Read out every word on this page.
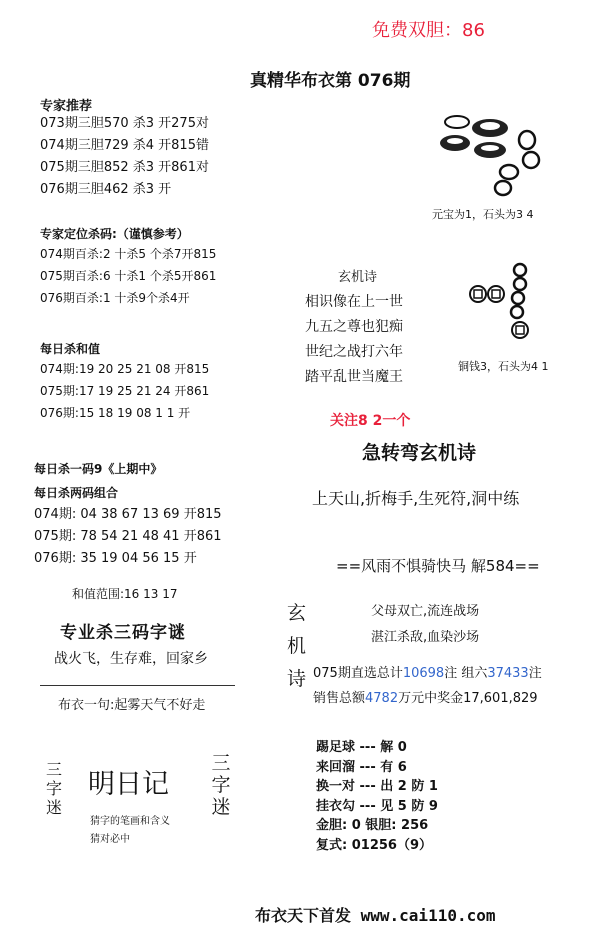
免费双胆：86
真精华布衣第 076期
专家推荐
073期三胆570 杀3 开275对
074期三胆729 杀4 开815错
075期三胆852 杀3 开861对
076期三胆462 杀3 开
专家定位杀码:（谨慎参考）
074期百杀:2 十杀5 个杀7开815
075期百杀:6 十杀1 个杀5开861
076期百杀:1 十杀9个杀4开
每日杀和值
074期:19 20 25 21 08 开815
075期:17 19 25 21 24 开861
076期:15 18 19 08 1 1 开
每日杀一码9《上期中》
每日杀两码组合
074期: 04 38 67 13 69 开815
075期: 78 54 21 48 41 开861
076期: 35 19 04 56 15 开
和值范围:16 13 17
专业杀三码字谜
战火飞，生存难，回家乡
布衣一句:起雾天气不好走
三字迷
明日记
三字迷
猜字的笔画和含义
猜对必中
元宝为1，石头为3 4
玄机诗
相识像在上一世
九五之尊也犯痴
世纪之战打六年
踏平乱世当魔王
铜钱3，石头为4 1
关注8 2一个
急转弯玄机诗
上天山,折梅手,生死符,洞中练
==风雨不惧骑快马 解584==
玄机诗
父母双亡,流连战场
湛江杀敌,血染沙场
075期直选总计10698注 组六37433注
销售总额4782万元中奖金17,601,829
踢足球 --- 解 0
来回溜 --- 有 6
换一对 --- 出 2 防 1
挂衣勾 --- 见 5 防 9
金胆: 0 银胆: 256
复式: 01256（9）
布衣天下首发 www.cai110.com
